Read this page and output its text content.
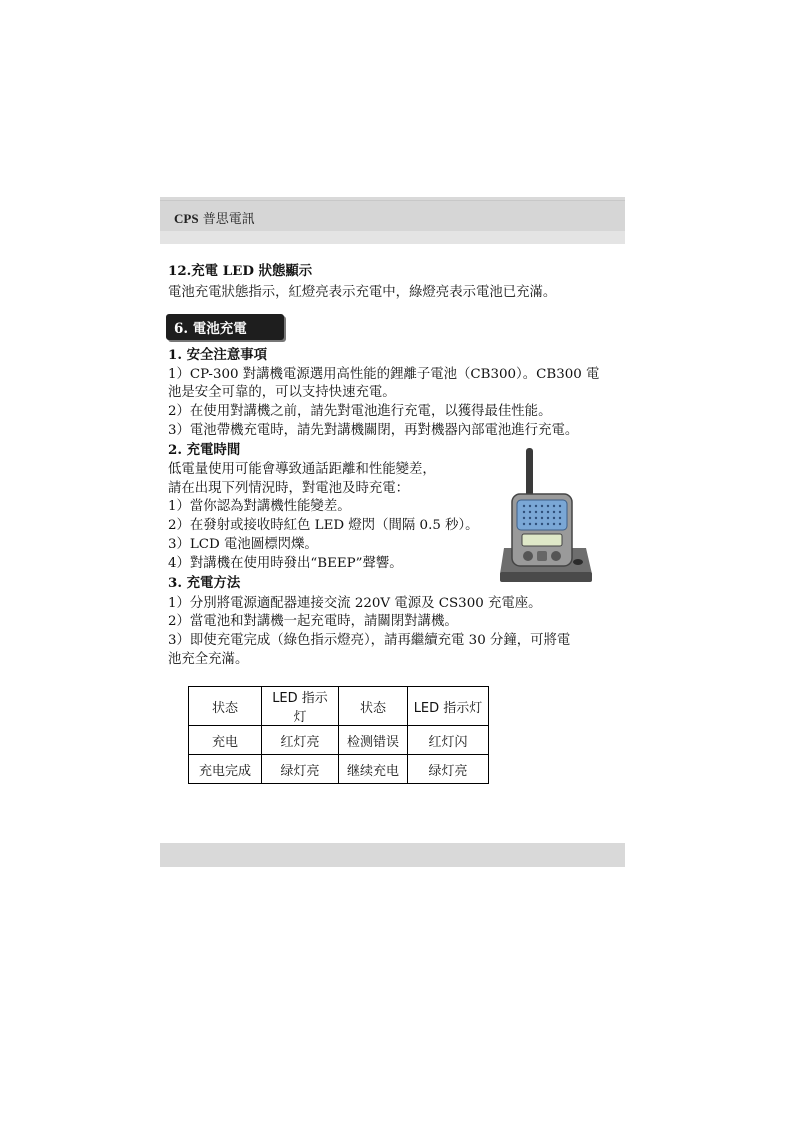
CPS 普思電訊
12.充電 LED 狀態顯示
電池充電狀態指示，紅燈亮表示充電中，綠燈亮表示電池已充滿。
6. 電池充電
1. 安全注意事項
1）CP-300 對講機電源選用高性能的鋰離子電池（CB300）。CB300 電
池是安全可靠的，可以支持快速充電。
2）在使用對講機之前，請先對電池進行充電，以獲得最佳性能。
3）電池帶機充電時，請先對講機關閉，再對機器內部電池進行充電。
2. 充電時間
低電量使用可能會導致通話距離和性能變差，
請在出現下列情況時，對電池及時充電：
1）當你認為對講機性能變差。
2）在發射或接收時紅色 LED 燈閃（間隔 0.5 秒）。
3）LCD 電池圖標閃爍。
4）對講機在使用時發出“BEEP”聲響。
3. 充電方法
1）分別將電源適配器連接交流 220V 電源及 CS300 充電座。
2）當電池和對講機一起充電時，請關閉對講機。
3）即使充電完成（綠色指示燈亮），請再繼續充電 30 分鐘，可將電
池充全充滿。
状态	LED 指示灯	状态	LED 指示灯
充电	红灯亮	检测错误	红灯闪
充电完成	绿灯亮	继续充电	绿灯亮
